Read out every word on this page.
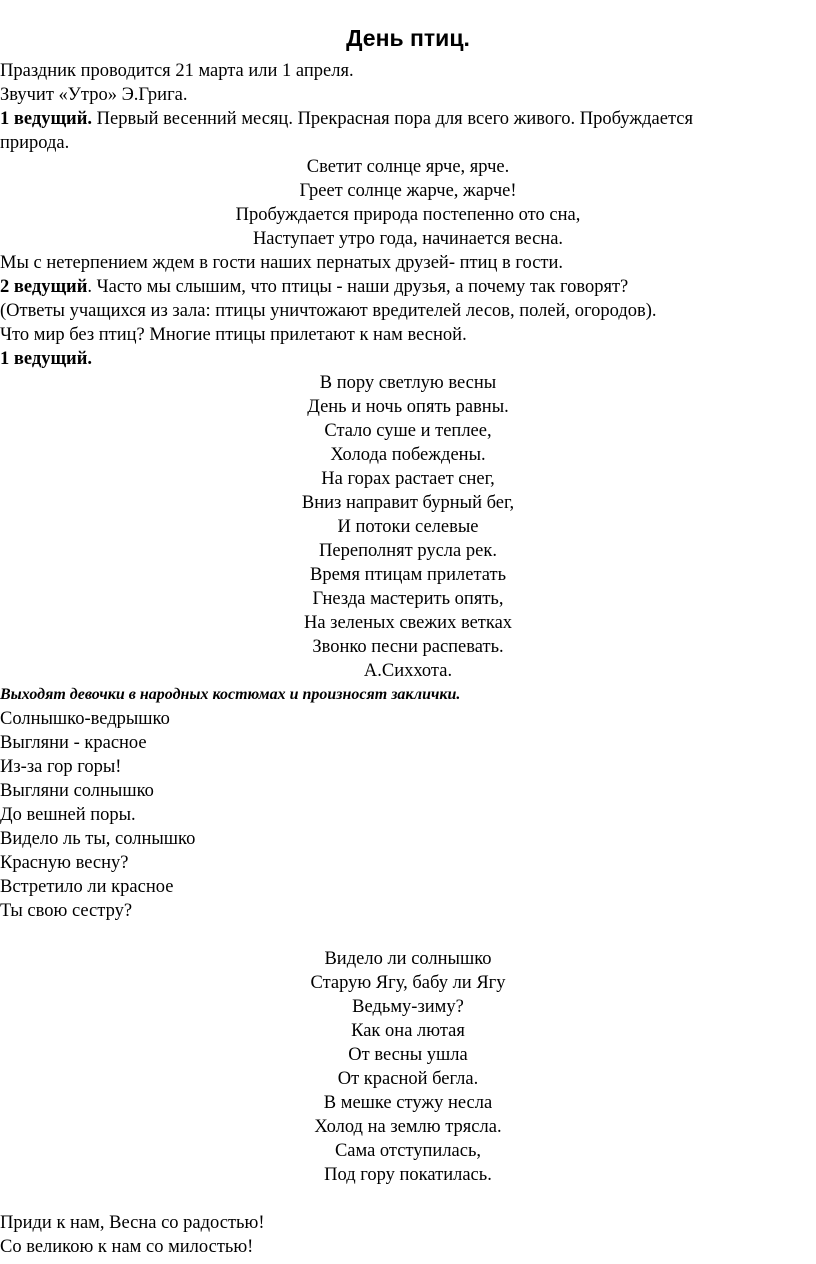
День птиц.
Праздник проводится 21 марта или 1 апреля.
Звучит «Утро» Э.Грига.
1 ведущий. Первый весенний месяц. Прекрасная пора для всего живого. Пробуждается
природа.
Светит солнце ярче, ярче.
Греет солнце жарче, жарче!
Пробуждается природа постепенно ото сна,
Наступает утро года, начинается весна.
Мы с нетерпением ждем в гости наших пернатых друзей- птиц в гости.
2 ведущий. Часто мы слышим, что птицы - наши друзья, а почему так говорят?
(Ответы учащихся из зала: птицы уничтожают вредителей лесов, полей, огородов).
Что мир без птиц? Многие птицы прилетают к нам весной.
1 ведущий.
В пору светлую весны
День и ночь опять равны.
Стало суше и теплее,
Холода побеждены.
На горах растает снег,
Вниз направит бурный бег,
И потоки селевые
Переполнят русла рек.
Время птицам прилетать
Гнезда мастерить опять,
На зеленых свежих ветках
Звонко песни распевать.
А.Сиххота.
Выходят девочки в народных костюмах и произносят заклички.
Солнышко-ведрышко
Выгляни - красное
Из-за гор горы!
Выгляни солнышко
До вешней поры.
Видело ль ты, солнышко
Красную весну?
Встретило ли красное
Ты свою сестру?
Видело ли солнышко
Старую Ягу, бабу ли Ягу
Ведьму-зиму?
Как она лютая
От весны ушла
От красной бегла.
В мешке стужу несла
Холод на землю трясла.
Сама отступилась,
Под гору покатилась.
Приди к нам, Весна со радостью!
Со великою к нам со милостью!
